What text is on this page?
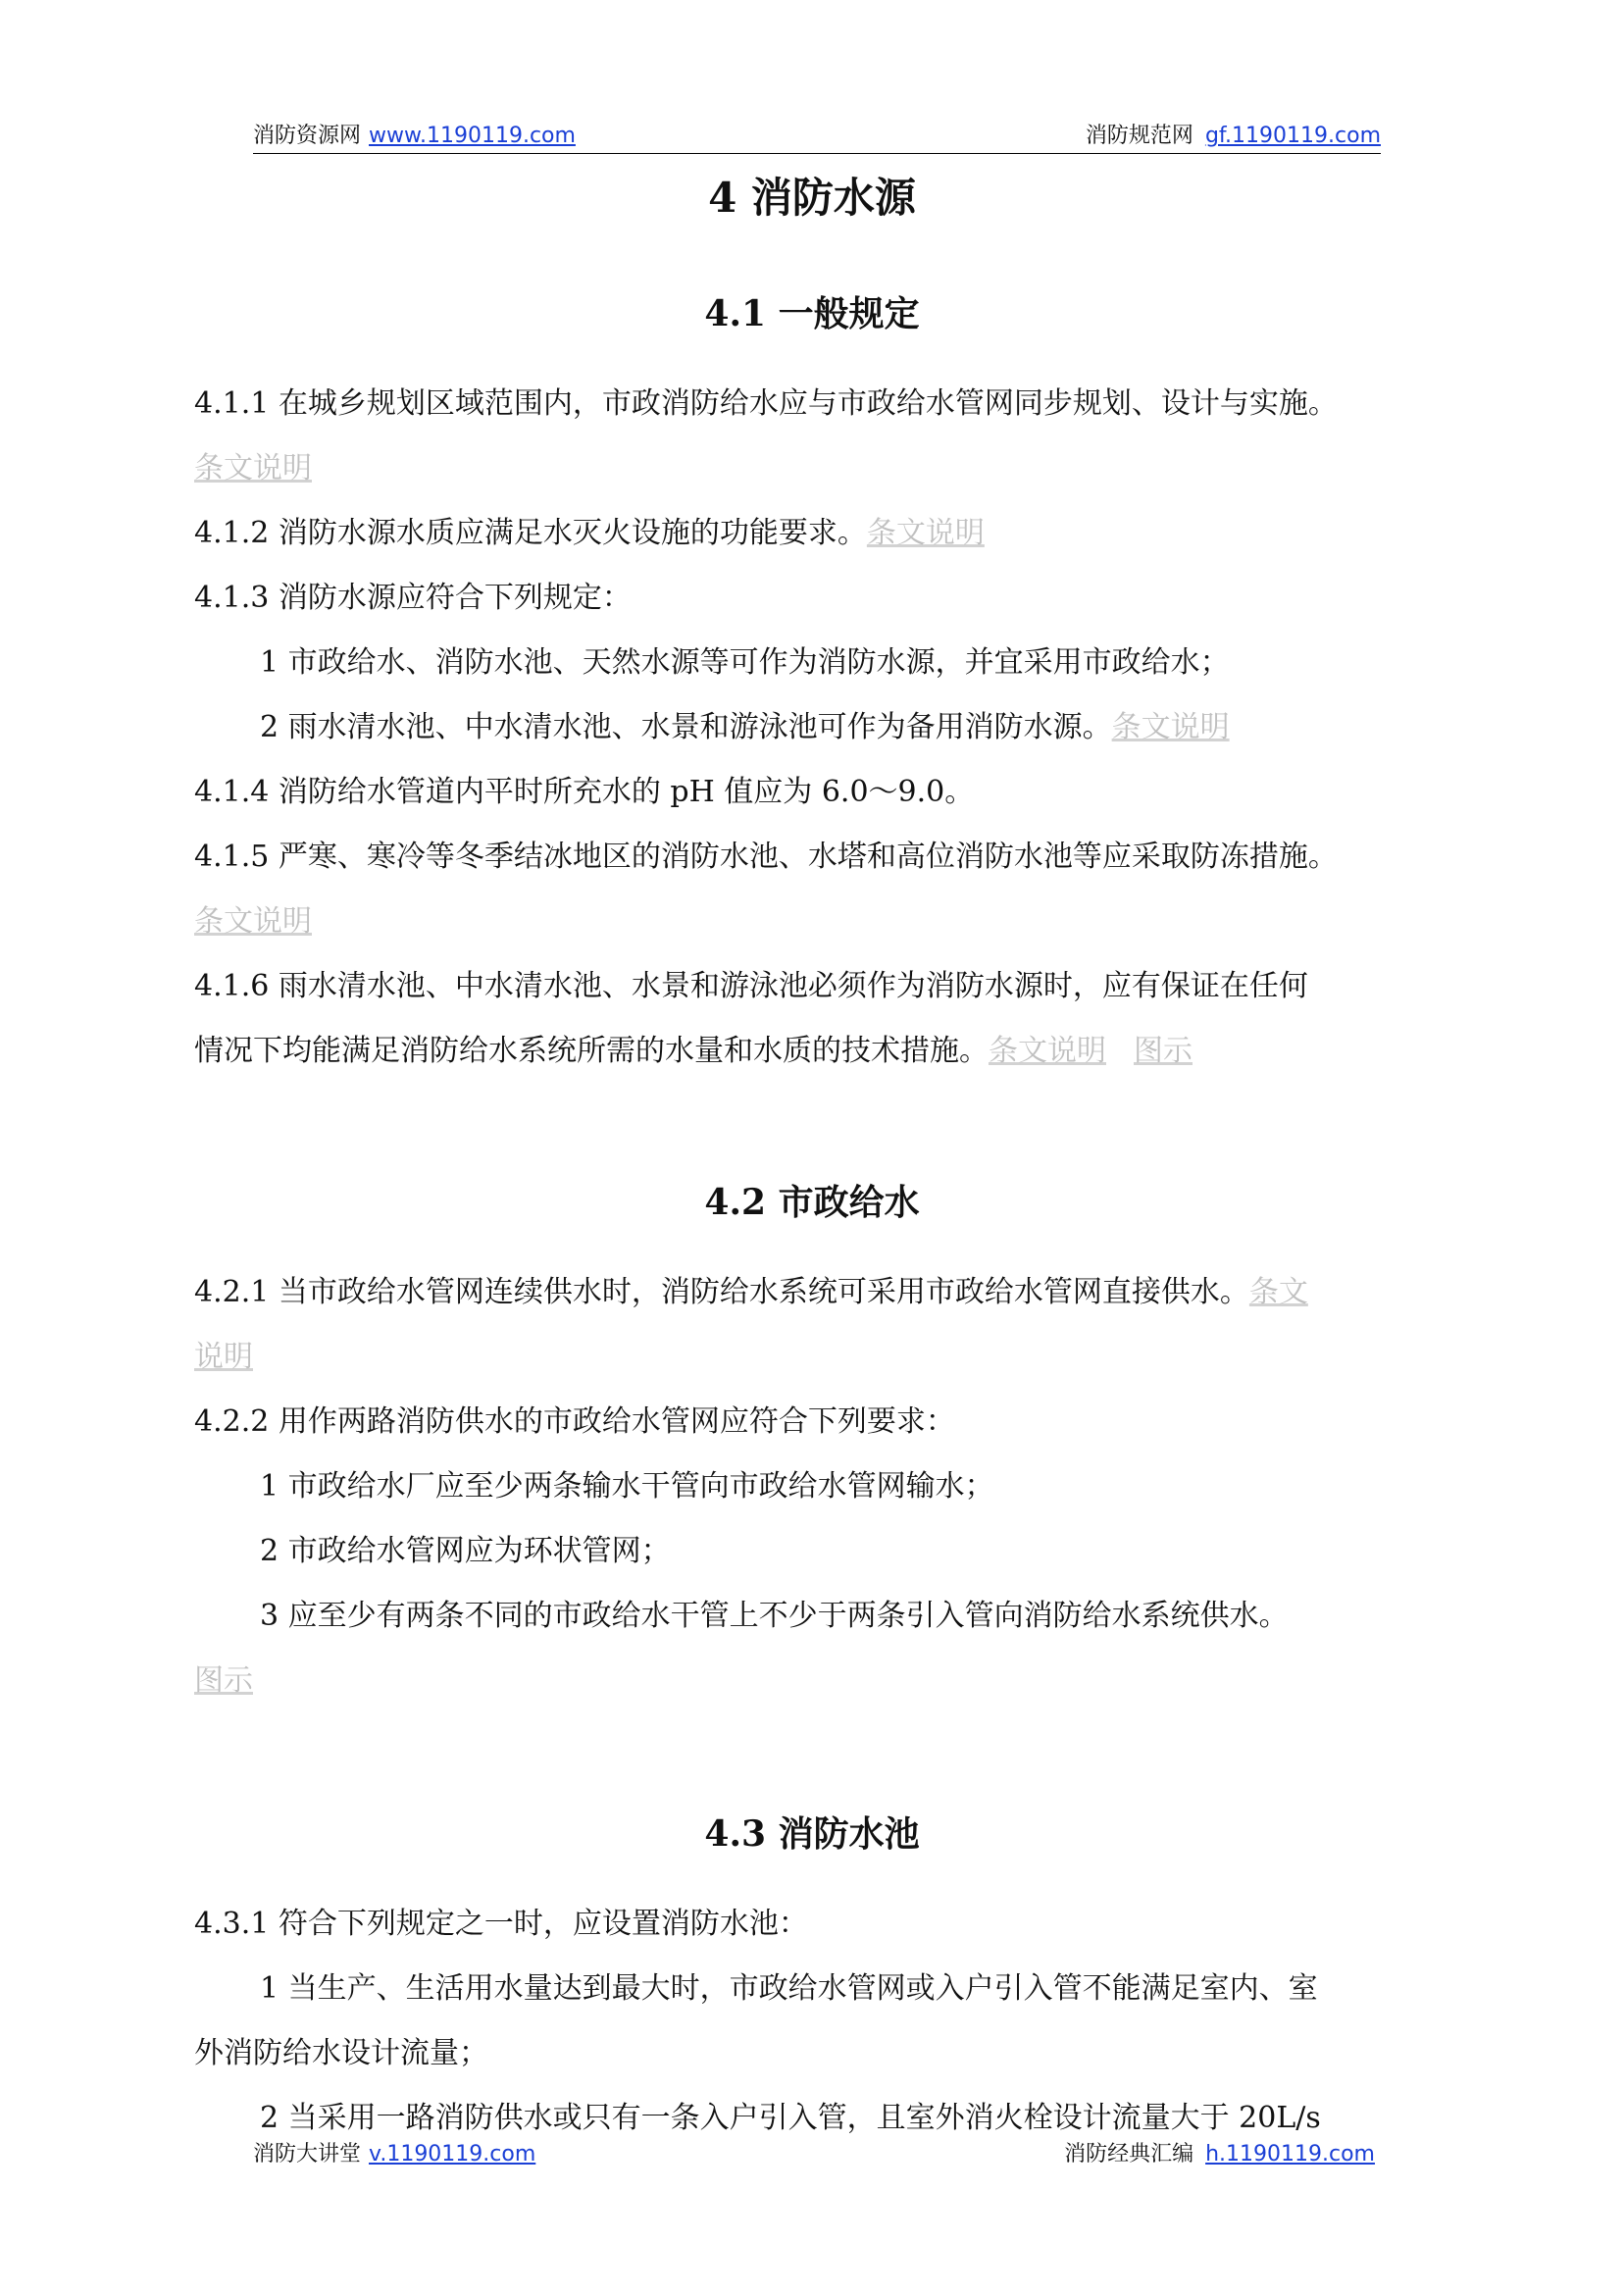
消防资源网 www.1190119.com	消防规范网 gf.1190119.com
4 消防水源
4.1 一般规定
4.1.1 在城乡规划区域范围内，市政消防给水应与市政给水管网同步规划、设计与实施。
条文说明
4.1.2 消防水源水质应满足水灭火设施的功能要求。条文说明
4.1.3 消防水源应符合下列规定：
1 市政给水、消防水池、天然水源等可作为消防水源，并宜采用市政给水；
2 雨水清水池、中水清水池、水景和游泳池可作为备用消防水源。条文说明
4.1.4 消防给水管道内平时所充水的 pH 值应为 6.0～9.0。
4.1.5 严寒、寒冷等冬季结冰地区的消防水池、水塔和高位消防水池等应采取防冻措施。
条文说明
4.1.6 雨水清水池、中水清水池、水景和游泳池必须作为消防水源时，应有保证在任何
情况下均能满足消防给水系统所需的水量和水质的技术措施。条文说明 图示
4.2 市政给水
4.2.1 当市政给水管网连续供水时，消防给水系统可采用市政给水管网直接供水。条文
说明
4.2.2 用作两路消防供水的市政给水管网应符合下列要求：
1 市政给水厂应至少两条输水干管向市政给水管网输水；
2 市政给水管网应为环状管网；
3 应至少有两条不同的市政给水干管上不少于两条引入管向消防给水系统供水。
图示
4.3 消防水池
4.3.1 符合下列规定之一时，应设置消防水池：
1 当生产、生活用水量达到最大时，市政给水管网或入户引入管不能满足室内、室
外消防给水设计流量；
2 当采用一路消防供水或只有一条入户引入管，且室外消火栓设计流量大于 20L/s
消防大讲堂 v.1190119.com	消防经典汇编 h.1190119.com
